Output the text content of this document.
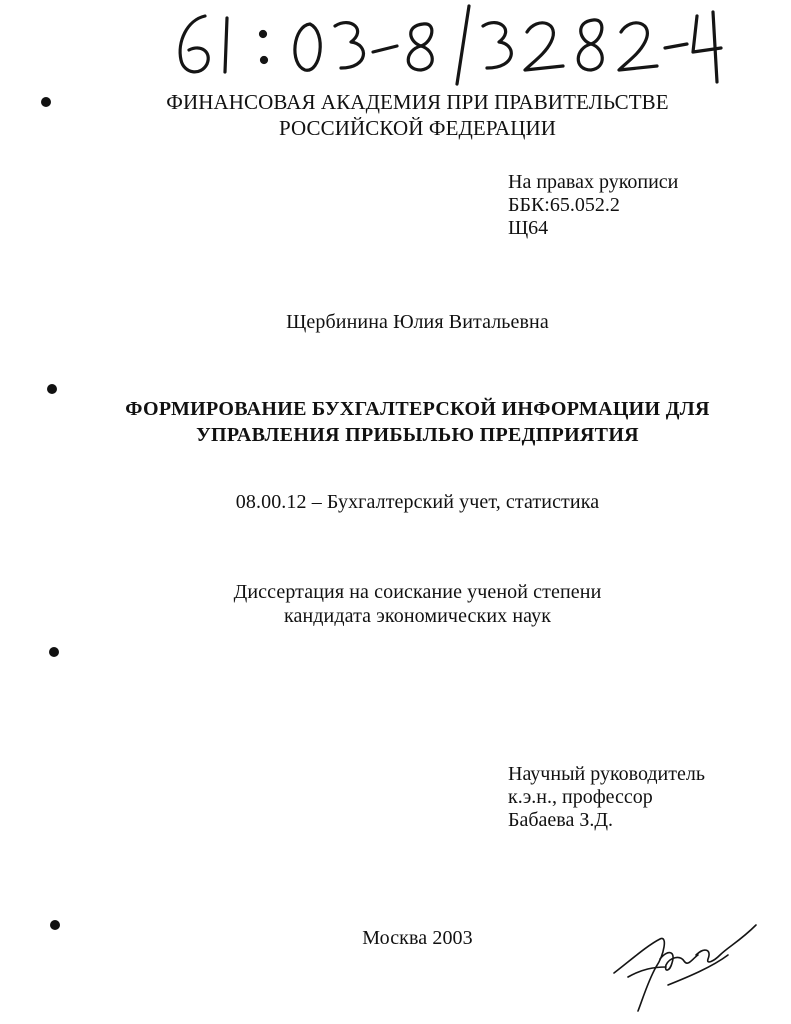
ФИНАНСОВАЯ АКАДЕМИЯ ПРИ ПРАВИТЕЛЬСТВЕ
РОССИЙСКОЙ ФЕДЕРАЦИИ
На правах рукописи
ББК:65.052.2
Щ64
Щербинина Юлия Витальевна
ФОРМИРОВАНИЕ БУХГАЛТЕРСКОЙ ИНФОРМАЦИИ ДЛЯ
УПРАВЛЕНИЯ ПРИБЫЛЬЮ ПРЕДПРИЯТИЯ
08.00.12 – Бухгалтерский учет, статистика
Диссертация на соискание ученой степени
кандидата экономических наук
Научный руководитель
к.э.н., профессор
Бабаева З.Д.
Москва 2003
